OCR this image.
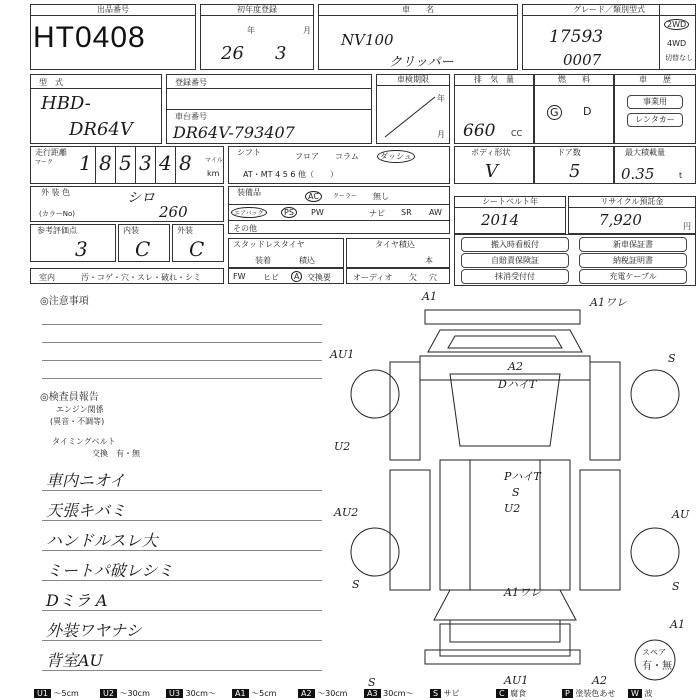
出品番号
HT0408
初年度登録
年	月
26 3
車　　名
NV100
クリッパー
グレード／類別型式
17593
0007
2WD
4WD
切替なし
型　式
HBD-
DR64V
登録番号
車台番号
DR64V-793407
車検期限
年
月
排　気　量
660 CC
燃　　料
G D
車　　歴
事業用
レンタカー
走行距離
マーク 1 8 5 3 4 8 マイル
km
シフト	フロア コラム	ダッシュ
AT・MT 4 5 6 他（　　）
ボディ形状
V
ドア数
5
最大積載量
0.35	t
外 装 色	シロ
(カラーNo)	260
装備品	AC	クーラー 無し
エアバッグ	PS	PW	ナビ SR AW
その他
シートベルト年
2014
リサイクル預託金
7,920	円
参考評価点
3
内装
C
外装
C	スタッドレスタイヤ
装着	積込
タイヤ積込
本
搬入時看板付	新車保証書
自賠責保険証	納税証明書
抹消受付付	充電ケーブル
室内	汚・コゲ・穴・スレ・破れ・シミ	FW ヒビ	A 交換要	オーディオ 欠 穴
◎注意事項
◎検査員報告
エンジン関係
(異音・不調等)
タイミングベルト
交換　有・無
車内ニオイ
天張キバミ
ハンドルスレ大
ミートパ破レシミ
Dミラ A
外装ワヤナシ
背室AU
A1	A1ワレ
AU1	S
A2
DハイT
U2
PハイT
S
U2
AU2	AU
S	S
A1
S	AU1	A2
A1ワレ
スペア
有・無
U1 〜5cm	U2 〜30cm	U3 30cm〜	A1 〜5cm	A2 〜30cm	A3 30cm〜	S サビ	C 腐食	P 塗装色あせ	W 波
